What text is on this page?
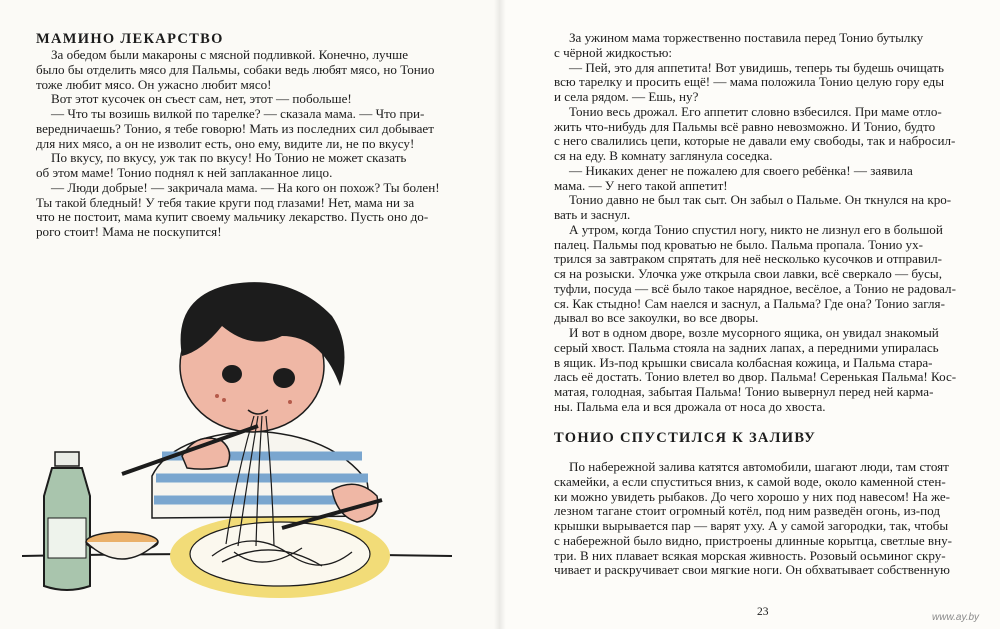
МАМИНО ЛЕКАРСТВО
За обедом были макароны с мясной подливкой. Конечно, лучше
было бы отделить мясо для Пальмы, собаки ведь любят мясо, но Тонио
тоже любит мясо. Он ужасно любит мясо!
Вот этот кусочек он съест сам, нет, этот — побольше!
— Что ты возишь вилкой по тарелке? — сказала мама. — Что при-
вередничаешь? Тонио, я тебе говорю! Мать из последних сил добывает
для них мясо, а он не изволит есть, оно ему, видите ли, не по вкусу!
По вкусу, по вкусу, уж так по вкусу! Но Тонио не может сказать
об этом маме! Тонио поднял к ней заплаканное лицо.
— Люди добрые! — закричала мама. — На кого он похож? Ты болен!
Ты такой бледный! У тебя такие круги под глазами! Нет, мама ни за
что не постоит, мама купит своему мальчику лекарство. Пусть оно до-
рого стоит! Мама не поскупится!
За ужином мама торжественно поставила перед Тонио бутылку
с чёрной жидкостью:
— Пей, это для аппетита! Вот увидишь, теперь ты будешь очищать
всю тарелку и просить ещё! — мама положила Тонио целую гору еды
и села рядом. — Ешь, ну?
Тонио весь дрожал. Его аппетит словно взбесился. При маме отло-
жить что-нибудь для Пальмы всё равно невозможно. И Тонио, будто
с него свалились цепи, которые не давали ему свободы, так и набросил-
ся на еду. В комнату заглянула соседка.
— Никаких денег не пожалею для своего ребёнка! — заявила
мама. — У него такой аппетит!
Тонио давно не был так сыт. Он забыл о Пальме. Он ткнулся на кро-
вать и заснул.
А утром, когда Тонио спустил ногу, никто не лизнул его в большой
палец. Пальмы под кроватью не было. Пальма пропала. Тонио ух-
трился за завтраком спрятать для неё несколько кусочков и отправил-
ся на розыски. Улочка уже открыла свои лавки, всё сверкало — бусы,
туфли, посуда — всё было такое нарядное, весёлое, а Тонио не радовал-
ся. Как стыдно! Сам наелся и заснул, а Пальма? Где она? Тонио загля-
дывал во все закоулки, во все дворы.
И вот в одном дворе, возле мусорного ящика, он увидал знакомый
серый хвост. Пальма стояла на задних лапах, а передними упиралась
в ящик. Из-под крышки свисала колбасная кожица, и Пальма стара-
лась её достать. Тонио влетел во двор. Пальма! Серенькая Пальма! Кос-
матая, голодная, забытая Пальма! Тонио вывернул перед ней карма-
ны. Пальма ела и вся дрожала от носа до хвоста.
ТОНИО СПУСТИЛСЯ К ЗАЛИВУ
По набережной залива катятся автомобили, шагают люди, там стоят
скамейки, а если спуститься вниз, к самой воде, около каменной стен-
ки можно увидеть рыбаков. До чего хорошо у них под навесом! На же-
лезном тагане стоит огромный котёл, под ним разведён огонь, из-под
крышки вырывается пар — варят уху. А у самой загородки, так, чтобы
с набережной было видно, пристроены длинные корытца, светлые вну-
три. В них плавает всякая морская живность. Розовый осьминог скру-
чивает и раскручивает свои мягкие ноги. Он обхватывает собственную
23	www.ay.by
